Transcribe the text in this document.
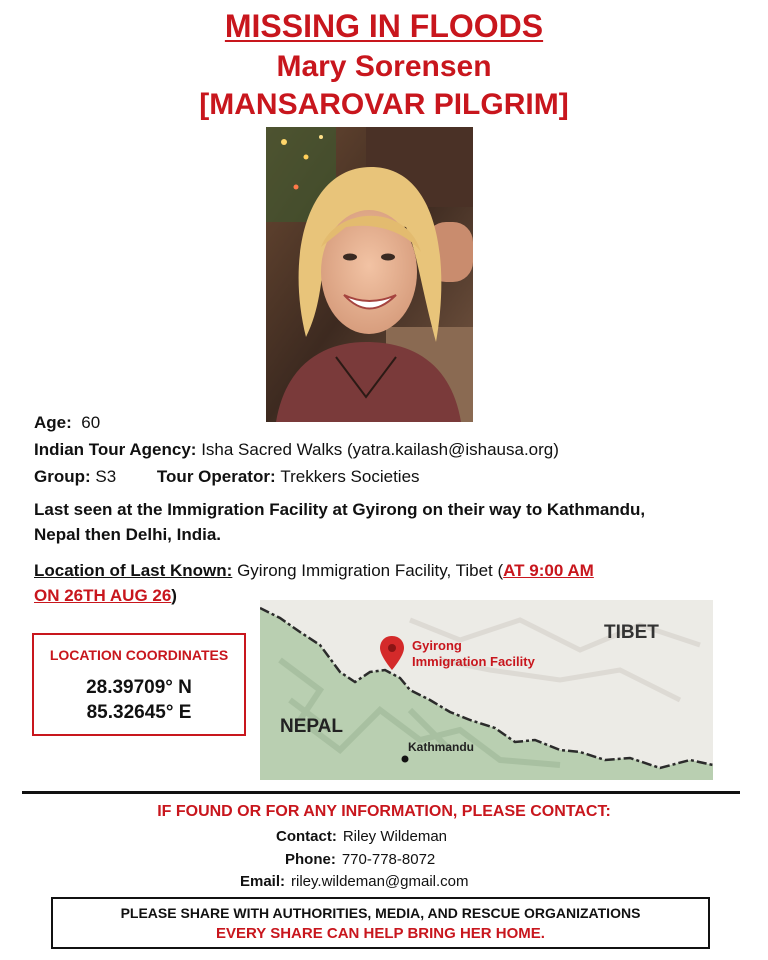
MISSING IN FLOODS
Mary Sorensen
[MANSAROVAR PILGRIM]
Age: 60
Indian Tour Agency: Isha Sacred Walks (yatra.kailash@ishausa.org)
Group: S3 Tour Operator: Trekkers Societies
Last seen at the Immigration Facility at Gyirong on their way to Kathmandu,
Nepal then Delhi, India.
Location of Last Known: Gyirong Immigration Facility, Tibet (AT 9:00 AM
ON 26TH AUG 26)
LOCATION COORDINATES
28.39709° N
85.32645° E
TIBET
NEPAL
Gyirong
Immigration Facility
Kathmandu
IF FOUND OR FOR ANY INFORMATION, PLEASE CONTACT:
Contact: Riley Wildeman
Phone: 770-778-8072
Email: riley.wildeman@gmail.com
PLEASE SHARE WITH AUTHORITIES, MEDIA, AND RESCUE ORGANIZATIONS
EVERY SHARE CAN HELP BRING HER HOME.
